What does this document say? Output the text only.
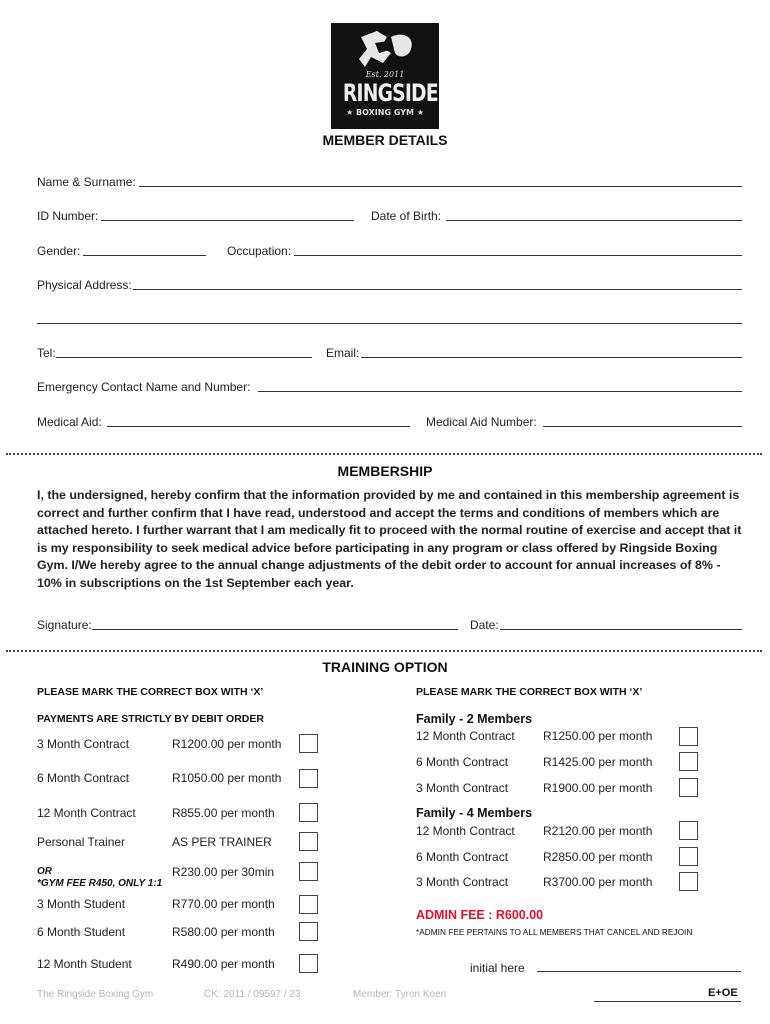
Est. 2011
RINGSIDE
★ BOXING GYM ★
MEMBER DETAILS
Name & Surname:
ID Number:	Date of Birth:
Gender:	Occupation:
Physical Address:
Tel:	Email:
Emergency Contact Name and Number:
Medical Aid:	Medical Aid Number:
MEMBERSHIP
I, the undersigned, hereby confirm that the information provided by me and contained in this membership agreement is correct and further confirm that I have read, understood and accept the terms and conditions of members which are attached hereto. I further warrant that I am medically fit to proceed with the normal routine of exercise and accept that it is my responsibility to seek medical advice before participating in any program or class offered by Ringside Boxing Gym. I/We hereby agree to the annual change adjustments of the debit order to account for annual increases of 8% - 10% in subscriptions on the 1st September each year.
Signature:	Date:
TRAINING OPTION
PLEASE MARK THE CORRECT BOX WITH ‘X’	PLEASE MARK THE CORRECT BOX WITH ‘X’
PAYMENTS ARE STRICTLY BY DEBIT ORDER
3 Month Contract	R1200.00 per month
6 Month Contract	R1050.00 per month
12 Month Contract	R855.00 per month
Personal Trainer	AS PER TRAINER
OR
*GYM FEE R450, ONLY 1:1
R230.00 per 30min
3 Month Student	R770.00 per month
6 Month Student	R580.00 per month
12 Month Student	R490.00 per month
Family - 2 Members
12 Month Contract R1250.00 per month
6 Month Contract	R1425.00 per month
3 Month Contract	R1900.00 per month
Family - 4 Members
12 Month Contract R2120.00 per month
6 Month Contract	R2850.00 per month
3 Month Contract	R3700.00 per month
ADMIN FEE : R600.00
*ADMIN FEE PERTAINS TO ALL MEMBERS THAT CANCEL AND REJOIN
initial here
The Ringside Boxing Gym	CK: 2011 / 09597 / 23	Member: Tyron Koen	E+OE
